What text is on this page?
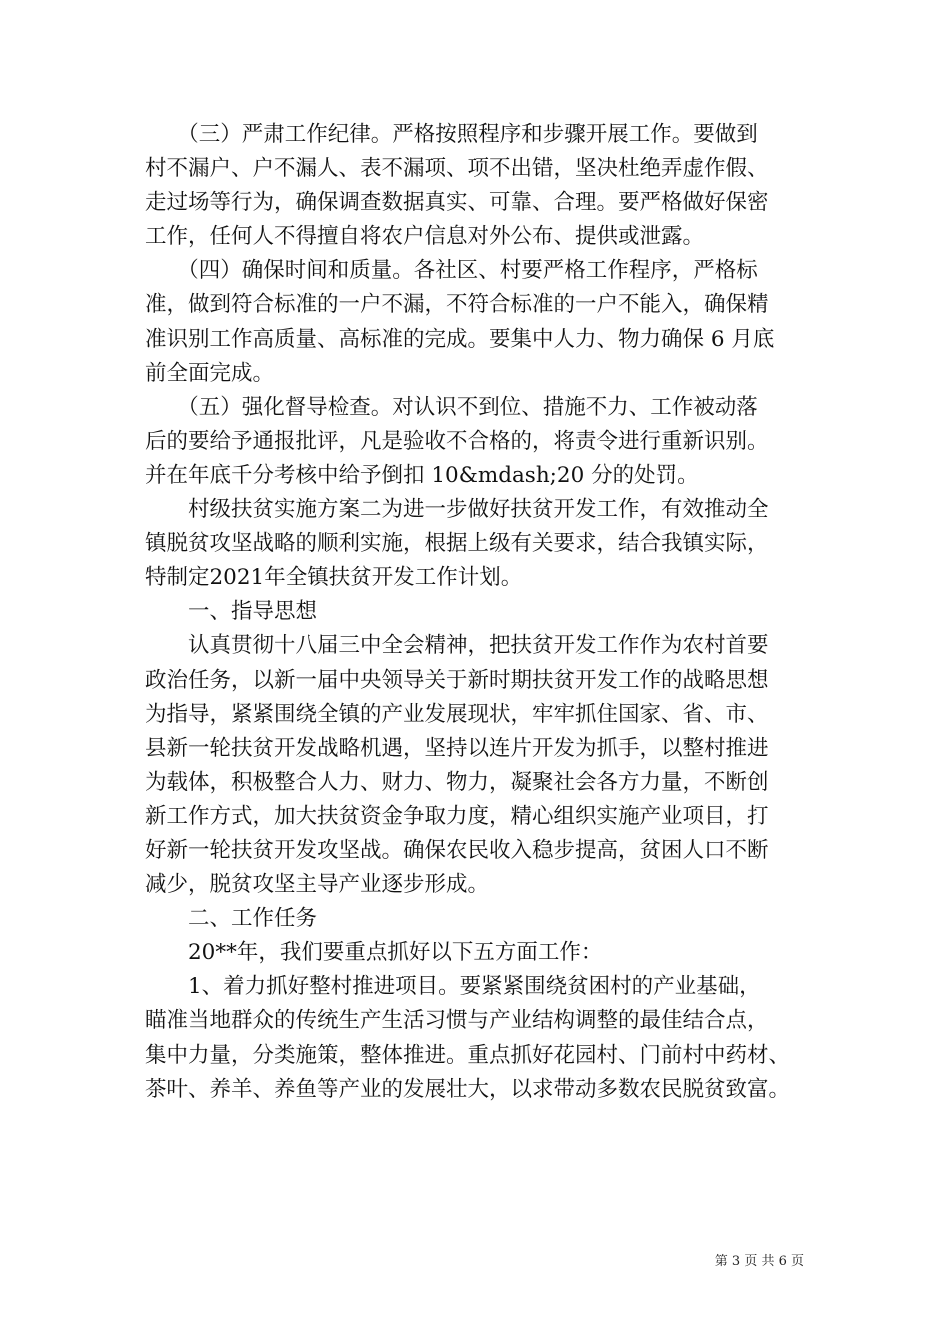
　　（三）严肃工作纪律。严格按照程序和步骤开展工作。要做到
村不漏户、户不漏人、表不漏项、项不出错，坚决杜绝弄虚作假、
走过场等行为，确保调查数据真实、可靠、合理。要严格做好保密
工作，任何人不得擅自将农户信息对外公布、提供或泄露。
　　（四）确保时间和质量。各社区、村要严格工作程序，严格标
准，做到符合标准的一户不漏，不符合标准的一户不能入，确保精
准识别工作高质量、高标准的完成。要集中人力、物力确保 6 月底
前全面完成。
　　（五）强化督导检查。对认识不到位、措施不力、工作被动落
后的要给予通报批评，凡是验收不合格的，将责令进行重新识别。
并在年底千分考核中给予倒扣 10&mdash;20 分的处罚。
　　村级扶贫实施方案二为进一步做好扶贫开发工作，有效推动全
镇脱贫攻坚战略的顺利实施，根据上级有关要求，结合我镇实际，
特制定2021年全镇扶贫开发工作计划。
　　一、指导思想
　　认真贯彻十八届三中全会精神，把扶贫开发工作作为农村首要
政治任务，以新一届中央领导关于新时期扶贫开发工作的战略思想
为指导，紧紧围绕全镇的产业发展现状，牢牢抓住国家、省、市、
县新一轮扶贫开发战略机遇，坚持以连片开发为抓手，以整村推进
为载体，积极整合人力、财力、物力，凝聚社会各方力量，不断创
新工作方式，加大扶贫资金争取力度，精心组织实施产业项目，打
好新一轮扶贫开发攻坚战。确保农民收入稳步提高，贫困人口不断
减少，脱贫攻坚主导产业逐步形成。
　　二、工作任务
　　20**年，我们要重点抓好以下五方面工作：
　　1、着力抓好整村推进项目。要紧紧围绕贫困村的产业基础，
瞄准当地群众的传统生产生活习惯与产业结构调整的最佳结合点，
集中力量，分类施策，整体推进。重点抓好花园村、门前村中药材、
茶叶、养羊、养鱼等产业的发展壮大，以求带动多数农民脱贫致富。
第 3 页 共 6 页
